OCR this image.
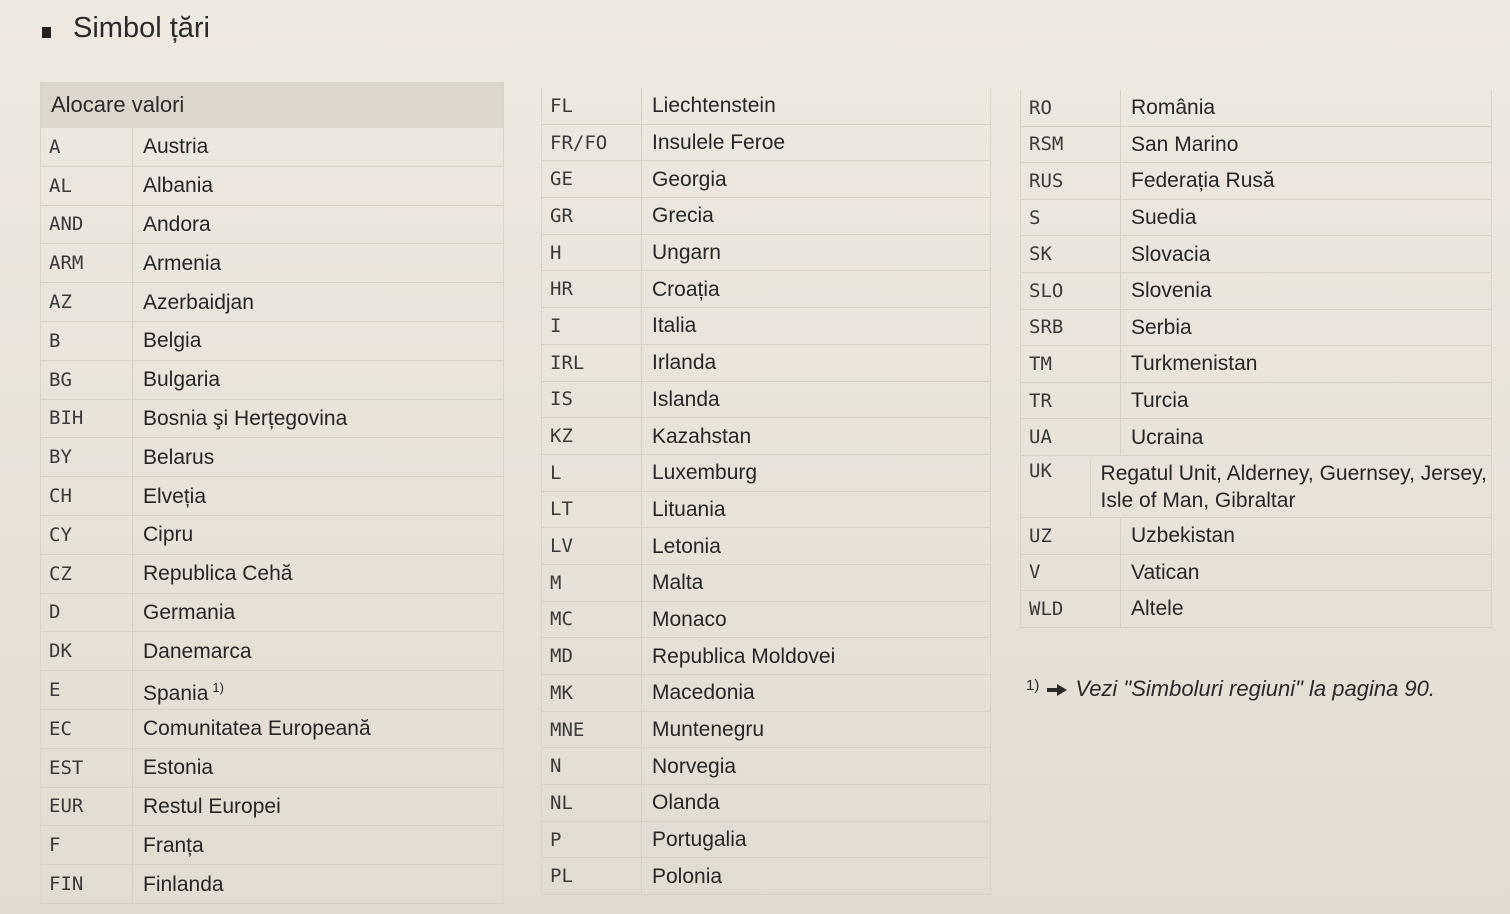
Simbol țări
Alocare valori
A	Austria
AL	Albania
AND	Andora
ARM	Armenia
AZ	Azerbaidjan
B	Belgia
BG	Bulgaria
BIH	Bosnia şi Herțegovina
BY	Belarus
CH	Elveția
CY	Cipru
CZ	Republica Cehă
D	Germania
DK	Danemarca
E	Spania $^{1)}$
EC	Comunitatea Europeană
EST	Estonia
EUR	Restul Europei
F	Franța
FIN	Finlanda
FL	Liechtenstein
FR/FO	Insulele Feroe
GE	Georgia
GR	Grecia
H	Ungarn
HR	Croația
I	Italia
IRL	Irlanda
IS	Islanda
KZ	Kazahstan
L	Luxemburg
LT	Lituania
LV	Letonia
M	Malta
MC	Monaco
MD	Republica Moldovei
MK	Macedonia
MNE	Muntenegru
N	Norvegia
NL	Olanda
P	Portugalia
PL	Polonia
RO	România
RSM	San Marino
RUS	Federația Rusă
S	Suedia
SK	Slovacia
SLO	Slovenia
SRB	Serbia
TM	Turkmenistan
TR	Turcia
UA	Ucraina
UK	Regatul Unit, Alderney, Guernsey, Jersey, Isle of Man, Gibraltar
UZ	Uzbekistan
V	Vatican
WLD	Altele
1) Vezi "Simboluri regiuni" la pagina 90.
